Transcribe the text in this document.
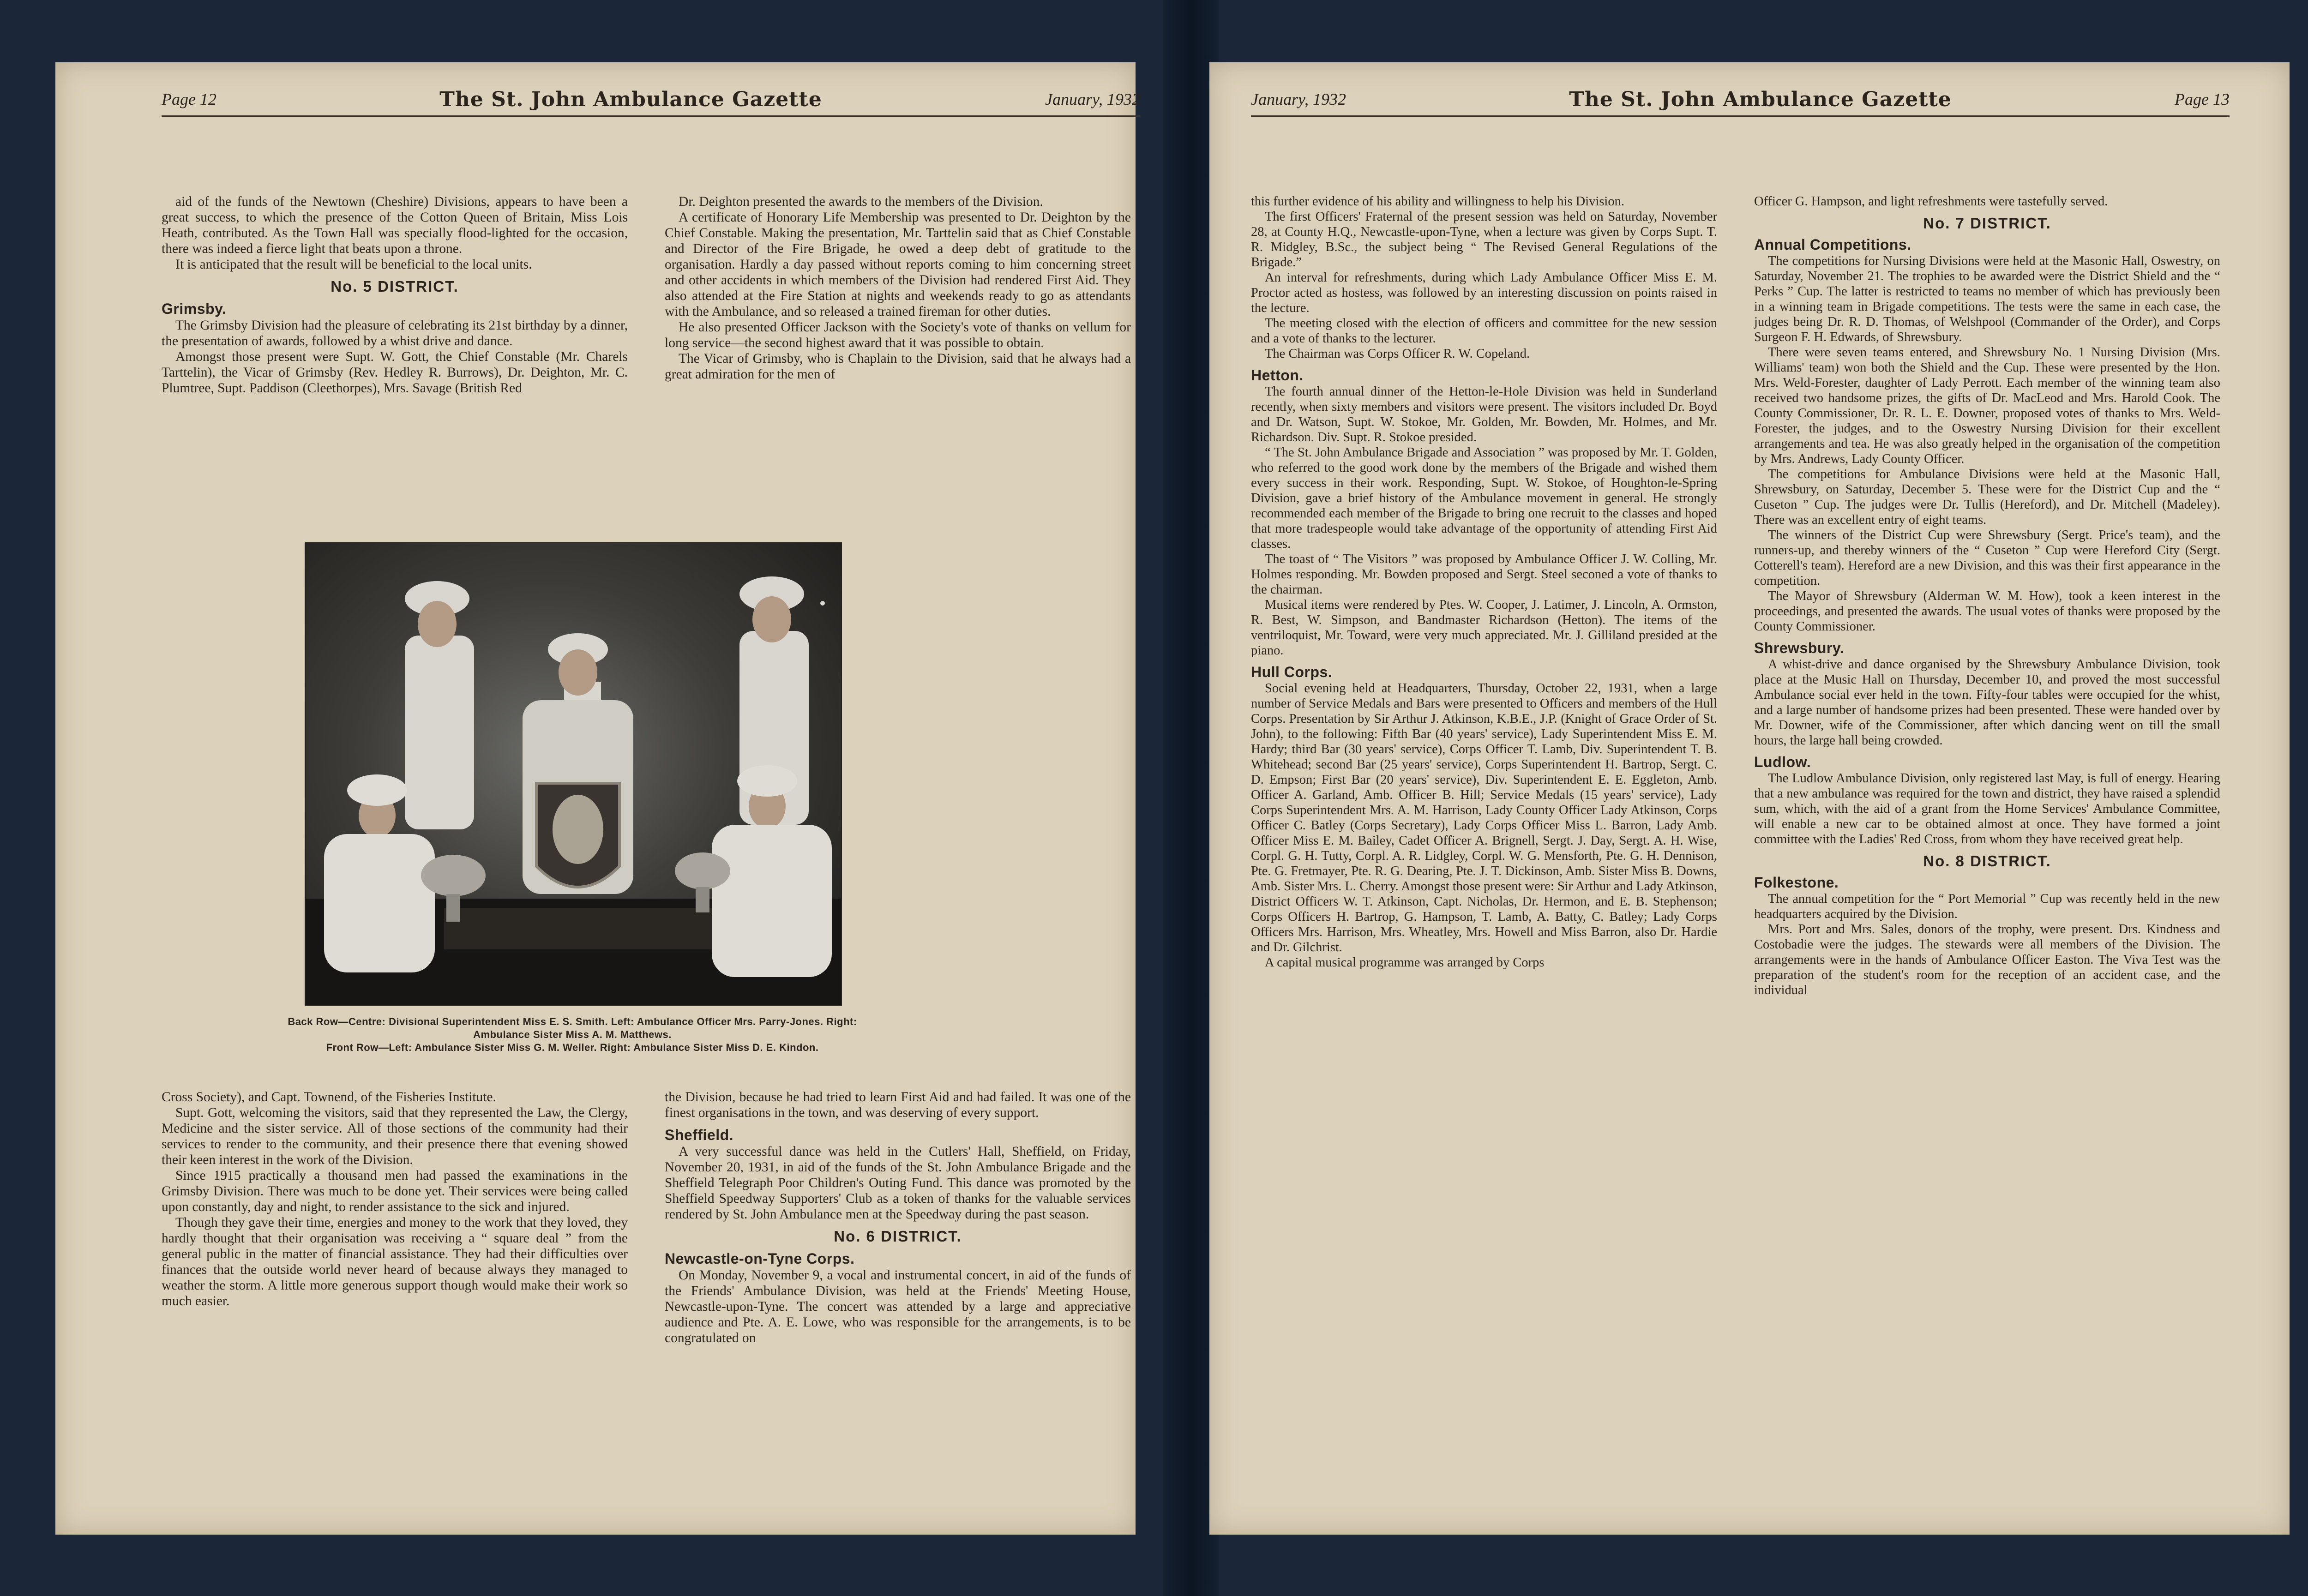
Page 12	The St. John Ambulance Gazette	January, 1932

aid of the funds of the Newtown (Cheshire) Divisions, appears to have been a great success, to which the presence of the Cotton Queen of Britain, Miss Lois Heath, contributed. As the Town Hall was specially flood-lighted for the occasion, there was indeed a fierce light that beats upon a throne.

It is anticipated that the result will be beneficial to the local units.

No. 5 DISTRICT.

Grimsby.

The Grimsby Division had the pleasure of celebrating its 21st birthday by a dinner, the presentation of awards, followed by a whist drive and dance.

Amongst those present were Supt. W. Gott, the Chief Constable (Mr. Charels Tarttelin), the Vicar of Grimsby (Rev. Hedley R. Burrows), Dr. Deighton, Mr. C. Plumtree, Supt. Paddison (Cleethorpes), Mrs. Savage (British Red

Dr. Deighton presented the awards to the members of the Division.

A certificate of Honorary Life Membership was presented to Dr. Deighton by the Chief Constable. Making the presentation, Mr. Tarttelin said that as Chief Constable and Director of the Fire Brigade, he owed a deep debt of gratitude to the organisation. Hardly a day passed without reports coming to him concerning street and other accidents in which members of the Division had rendered First Aid. They also attended at the Fire Station at nights and weekends ready to go as attendants with the Ambulance, and so released a trained fireman for other duties.

He also presented Officer Jackson with the Society's vote of thanks on vellum for long service—the second highest award that it was possible to obtain.

The Vicar of Grimsby, who is Chaplain to the Division, said that he always had a great admiration for the men of

Back Row—Centre: Divisional Superintendent Miss E. S. Smith. Left: Ambulance Officer Mrs. Parry-Jones. Right: Ambulance Sister Miss A. M. Matthews.
Front Row—Left: Ambulance Sister Miss G. M. Weller. Right: Ambulance Sister Miss D. E. Kindon.

Cross Society), and Capt. Townend, of the Fisheries Institute.

Supt. Gott, welcoming the visitors, said that they represented the Law, the Clergy, Medicine and the sister service. All of those sections of the community had their services to render to the community, and their presence there that evening showed their keen interest in the work of the Division.

Since 1915 practically a thousand men had passed the examinations in the Grimsby Division. There was much to be done yet. Their services were being called upon constantly, day and night, to render assistance to the sick and injured.

Though they gave their time, energies and money to the work that they loved, they hardly thought that their organisation was receiving a “ square deal ” from the general public in the matter of financial assistance. They had their difficulties over finances that the outside world never heard of because always they managed to weather the storm. A little more generous support though would make their work so much easier.

the Division, because he had tried to learn First Aid and had failed. It was one of the finest organisations in the town, and was deserving of every support.

Sheffield.

A very successful dance was held in the Cutlers' Hall, Sheffield, on Friday, November 20, 1931, in aid of the funds of the St. John Ambulance Brigade and the Sheffield Telegraph Poor Children's Outing Fund. This dance was promoted by the Sheffield Speedway Supporters' Club as a token of thanks for the valuable services rendered by St. John Ambulance men at the Speedway during the past season.

No. 6 DISTRICT.

Newcastle-on-Tyne Corps.

On Monday, November 9, a vocal and instrumental concert, in aid of the funds of the Friends' Ambulance Division, was held at the Friends' Meeting House, Newcastle-upon-Tyne. The concert was attended by a large and appreciative audience and Pte. A. E. Lowe, who was responsible for the arrangements, is to be congratulated on

January, 1932	The St. John Ambulance Gazette	Page 13

this further evidence of his ability and willingness to help his Division.

The first Officers' Fraternal of the present session was held on Saturday, November 28, at County H.Q., Newcastle-upon-Tyne, when a lecture was given by Corps Supt. T. R. Midgley, B.Sc., the subject being “ The Revised General Regulations of the Brigade.”

An interval for refreshments, during which Lady Ambulance Officer Miss E. M. Proctor acted as hostess, was followed by an interesting discussion on points raised in the lecture.

The meeting closed with the election of officers and committee for the new session and a vote of thanks to the lecturer.

The Chairman was Corps Officer R. W. Copeland.

Hetton.

The fourth annual dinner of the Hetton-le-Hole Division was held in Sunderland recently, when sixty members and visitors were present. The visitors included Dr. Boyd and Dr. Watson, Supt. W. Stokoe, Mr. Golden, Mr. Bowden, Mr. Holmes, and Mr. Richardson. Div. Supt. R. Stokoe presided.

“ The St. John Ambulance Brigade and Association ” was proposed by Mr. T. Golden, who referred to the good work done by the members of the Brigade and wished them every success in their work. Responding, Supt. W. Stokoe, of Houghton-le-Spring Division, gave a brief history of the Ambulance movement in general. He strongly recommended each member of the Brigade to bring one recruit to the classes and hoped that more tradespeople would take advantage of the opportunity of attending First Aid classes.

The toast of “ The Visitors ” was proposed by Ambulance Officer J. W. Colling, Mr. Holmes responding. Mr. Bowden proposed and Sergt. Steel seconed a vote of thanks to the chairman.

Musical items were rendered by Ptes. W. Cooper, J. Latimer, J. Lincoln, A. Ormston, R. Best, W. Simpson, and Bandmaster Richardson (Hetton). The items of the ventriloquist, Mr. Toward, were very much appreciated. Mr. J. Gilliland presided at the piano.

Hull Corps.

Social evening held at Headquarters, Thursday, October 22, 1931, when a large number of Service Medals and Bars were presented to Officers and members of the Hull Corps. Presentation by Sir Arthur J. Atkinson, K.B.E., J.P. (Knight of Grace Order of St. John), to the following: Fifth Bar (40 years' service), Lady Superintendent Miss E. M. Hardy; third Bar (30 years' service), Corps Officer T. Lamb, Div. Superintendent T. B. Whitehead; second Bar (25 years' service), Corps Superintendent H. Bartrop, Sergt. C. D. Empson; First Bar (20 years' service), Div. Superintendent E. E. Eggleton, Amb. Officer A. Garland, Amb. Officer B. Hill; Service Medals (15 years' service), Lady Corps Superintendent Mrs. A. M. Harrison, Lady County Officer Lady Atkinson, Corps Officer C. Batley (Corps Secretary), Lady Corps Officer Miss L. Barron, Lady Amb. Officer Miss E. M. Bailey, Cadet Officer A. Brignell, Sergt. J. Day, Sergt. A. H. Wise, Corpl. G. H. Tutty, Corpl. A. R. Lidgley, Corpl. W. G. Mensforth, Pte. G. H. Dennison, Pte. G. Fretmayer, Pte. R. G. Dearing, Pte. J. T. Dickinson, Amb. Sister Miss B. Downs, Amb. Sister Mrs. L. Cherry. Amongst those present were: Sir Arthur and Lady Atkinson, District Officers W. T. Atkinson, Capt. Nicholas, Dr. Hermon, and E. B. Stephenson; Corps Officers H. Bartrop, G. Hampson, T. Lamb, A. Batty, C. Batley; Lady Corps Officers Mrs. Harrison, Mrs. Wheatley, Mrs. Howell and Miss Barron, also Dr. Hardie and Dr. Gilchrist.

A capital musical programme was arranged by Corps

Officer G. Hampson, and light refreshments were tastefully served.

No. 7 DISTRICT.

Annual Competitions.

The competitions for Nursing Divisions were held at the Masonic Hall, Oswestry, on Saturday, November 21. The trophies to be awarded were the District Shield and the “ Perks ” Cup. The latter is restricted to teams no member of which has previously been in a winning team in Brigade competitions. The tests were the same in each case, the judges being Dr. R. D. Thomas, of Welshpool (Commander of the Order), and Corps Surgeon F. H. Edwards, of Shrewsbury.

There were seven teams entered, and Shrewsbury No. 1 Nursing Division (Mrs. Williams' team) won both the Shield and the Cup. These were presented by the Hon. Mrs. Weld-Forester, daughter of Lady Perrott. Each member of the winning team also received two handsome prizes, the gifts of Dr. MacLeod and Mrs. Harold Cook. The County Commissioner, Dr. R. L. E. Downer, proposed votes of thanks to Mrs. Weld-Forester, the judges, and to the Oswestry Nursing Division for their excellent arrangements and tea. He was also greatly helped in the organisation of the competition by Mrs. Andrews, Lady County Officer.

The competitions for Ambulance Divisions were held at the Masonic Hall, Shrewsbury, on Saturday, December 5. These were for the District Cup and the “ Cuseton ” Cup. The judges were Dr. Tullis (Hereford), and Dr. Mitchell (Madeley). There was an excellent entry of eight teams.

The winners of the District Cup were Shrewsbury (Sergt. Price's team), and the runners-up, and thereby winners of the “ Cuseton ” Cup were Hereford City (Sergt. Cotterell's team). Hereford are a new Division, and this was their first appearance in the competition.

The Mayor of Shrewsbury (Alderman W. M. How), took a keen interest in the proceedings, and presented the awards. The usual votes of thanks were proposed by the County Commissioner.

Shrewsbury.

A whist-drive and dance organised by the Shrewsbury Ambulance Division, took place at the Music Hall on Thursday, December 10, and proved the most successful Ambulance social ever held in the town. Fifty-four tables were occupied for the whist, and a large number of handsome prizes had been presented. These were handed over by Mr. Downer, wife of the Commissioner, after which dancing went on till the small hours, the large hall being crowded.

Ludlow.

The Ludlow Ambulance Division, only registered last May, is full of energy. Hearing that a new ambulance was required for the town and district, they have raised a splendid sum, which, with the aid of a grant from the Home Services' Ambulance Committee, will enable a new car to be obtained almost at once. They have formed a joint committee with the Ladies' Red Cross, from whom they have received great help.

No. 8 DISTRICT.

Folkestone.

The annual competition for the “ Port Memorial ” Cup was recently held in the new headquarters acquired by the Division.

Mrs. Port and Mrs. Sales, donors of the trophy, were present. Drs. Kindness and Costobadie were the judges. The stewards were all members of the Division. The arrangements were in the hands of Ambulance Officer Easton. The Viva Test was the preparation of the student's room for the reception of an accident case, and the individual
